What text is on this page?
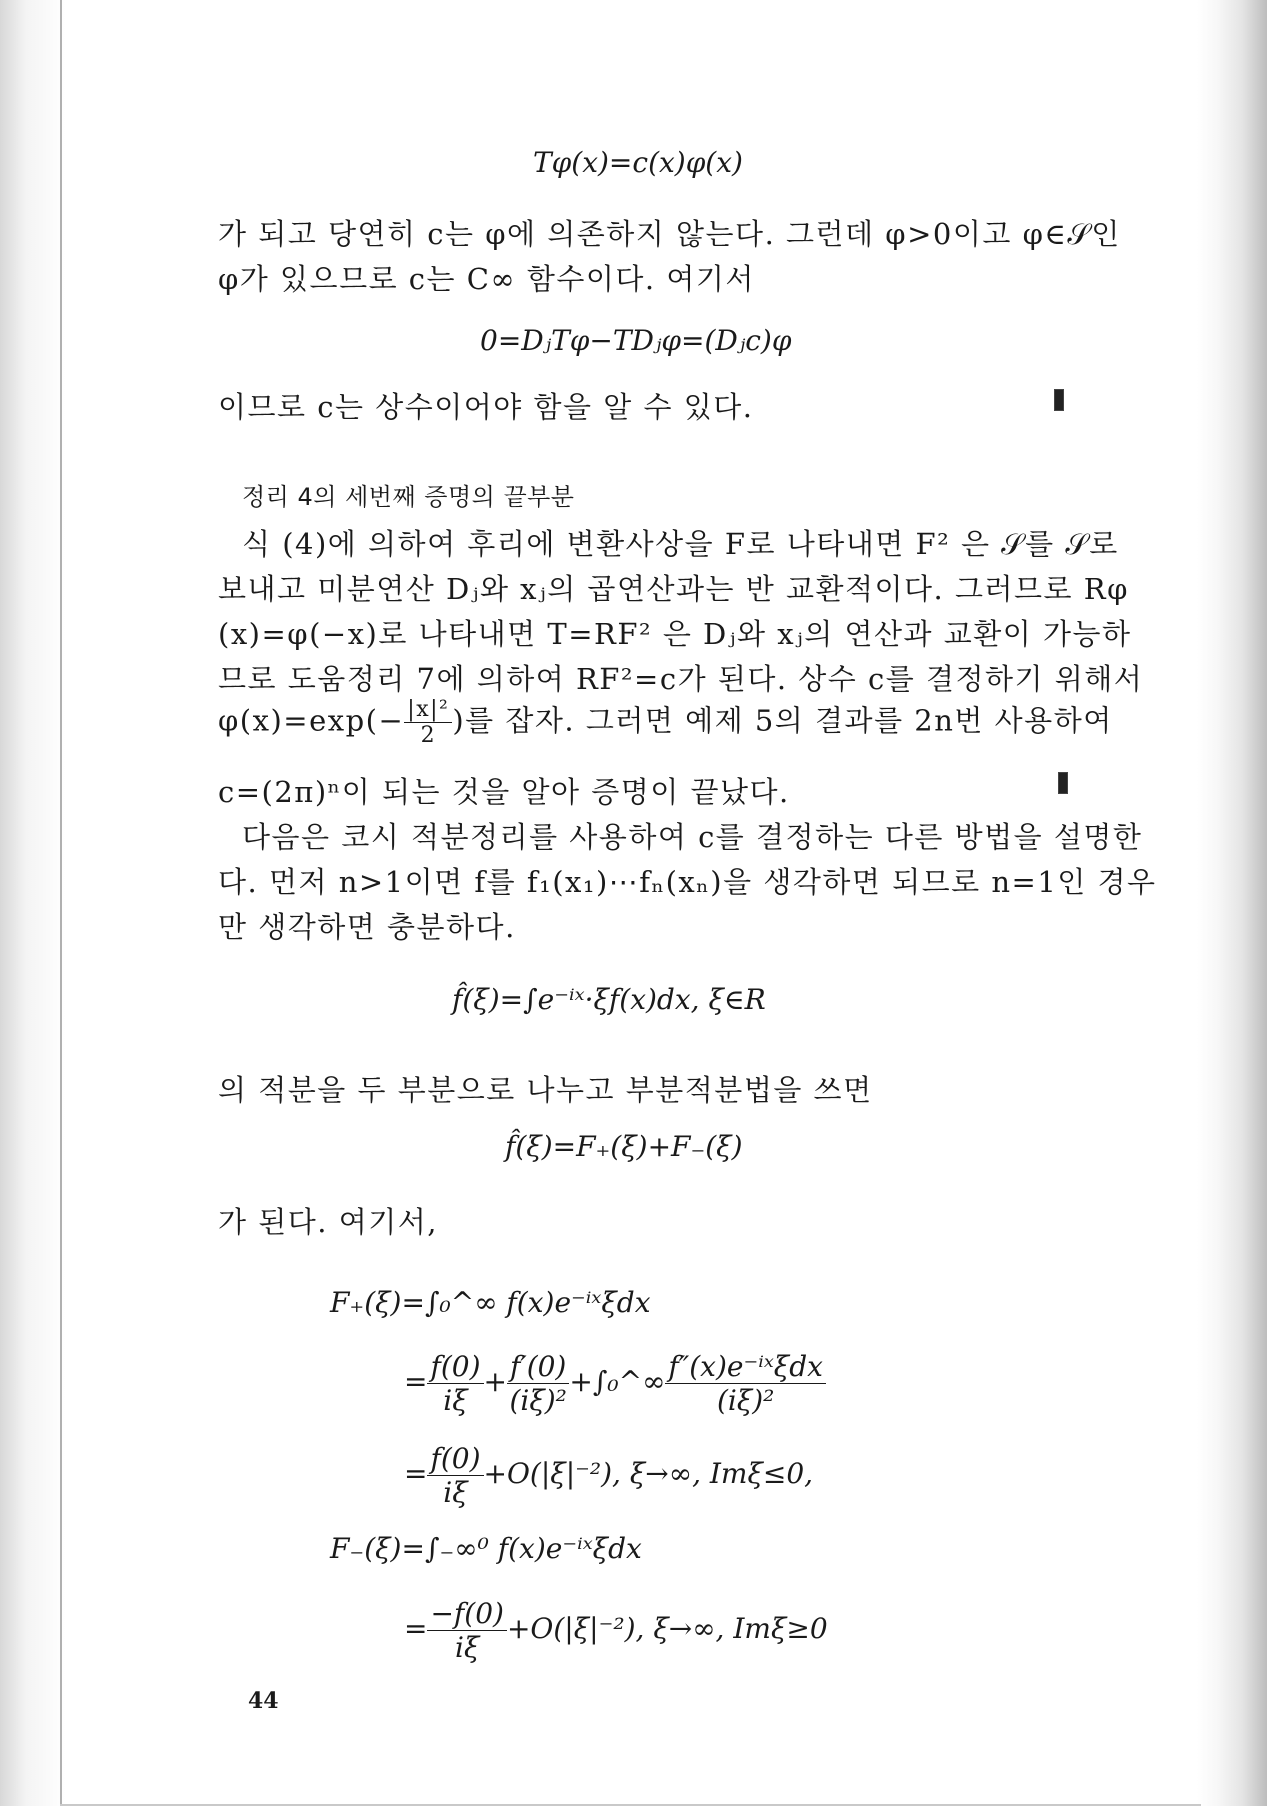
Tφ(x)=c(x)φ(x)
가 되고 당연히 c는 φ에 의존하지 않는다. 그런데 φ>0이고 φ∈𝒮인
φ가 있으므로 c는 C∞ 함수이다. 여기서
0=DⱼTφ−TDⱼφ=(Dⱼc)φ
이므로 c는 상수이어야 함을 알 수 있다.
정리 4의 세번째 증명의 끝부분
식 (4)에 의하여 후리에 변환사상을 F로 나타내면 F² 은 𝒮를 𝒮로
보내고 미분연산 Dⱼ와 xⱼ의 곱연산과는 반 교환적이다. 그러므로 Rφ
(x)=φ(−x)로 나타내면 T=RF² 은 Dⱼ와 xⱼ의 연산과 교환이 가능하
므로 도움정리 7에 의하여 RF²=c가 된다. 상수 c를 결정하기 위해서
$\varphi(x)=\exp(- \frac{\text{|x|²}}{2}$ )를 잡자. 그러면 예제 5의 결과를 2n번 사용하여
c=(2π)ⁿ이 되는 것을 알아 증명이 끝났다.
다음은 코시 적분정리를 사용하여 c를 결정하는 다른 방법을 설명한
다. 먼저 n>1이면 f를 f₁(x₁)⋯fₙ(xₙ)을 생각하면 되므로 n=1인 경우
만 생각하면 충분하다.
f̂(ξ)=∫e⁻ⁱˣ·ξf(x)dx, ξ∈R
의 적분을 두 부분으로 나누고 부분적분법을 쓰면
f̂(ξ)=F₊(ξ)+F₋(ξ)
가 된다. 여기서,
F₊(ξ)=∫₀^∞ f(x)e⁻ⁱˣξdx
= $\frac{f(0)}{i\xi} + \frac{f'(0)}{\text{(iξ)²}}$ +∫₀^∞ $\frac{\text{f″(x)e⁻ⁱˣξdx}}{\text{(iξ)²}}$
= $\frac{f(0)}{i\xi} +O(|\xi|^{-2})$, ξ→∞, Imξ≤0,
F₋(ξ)=∫₋∞⁰ f(x)e⁻ⁱˣξdx
= $\frac{-f(0)}{i\xi} +O(|\xi|^{-2})$, ξ→∞, Imξ≥0
44
